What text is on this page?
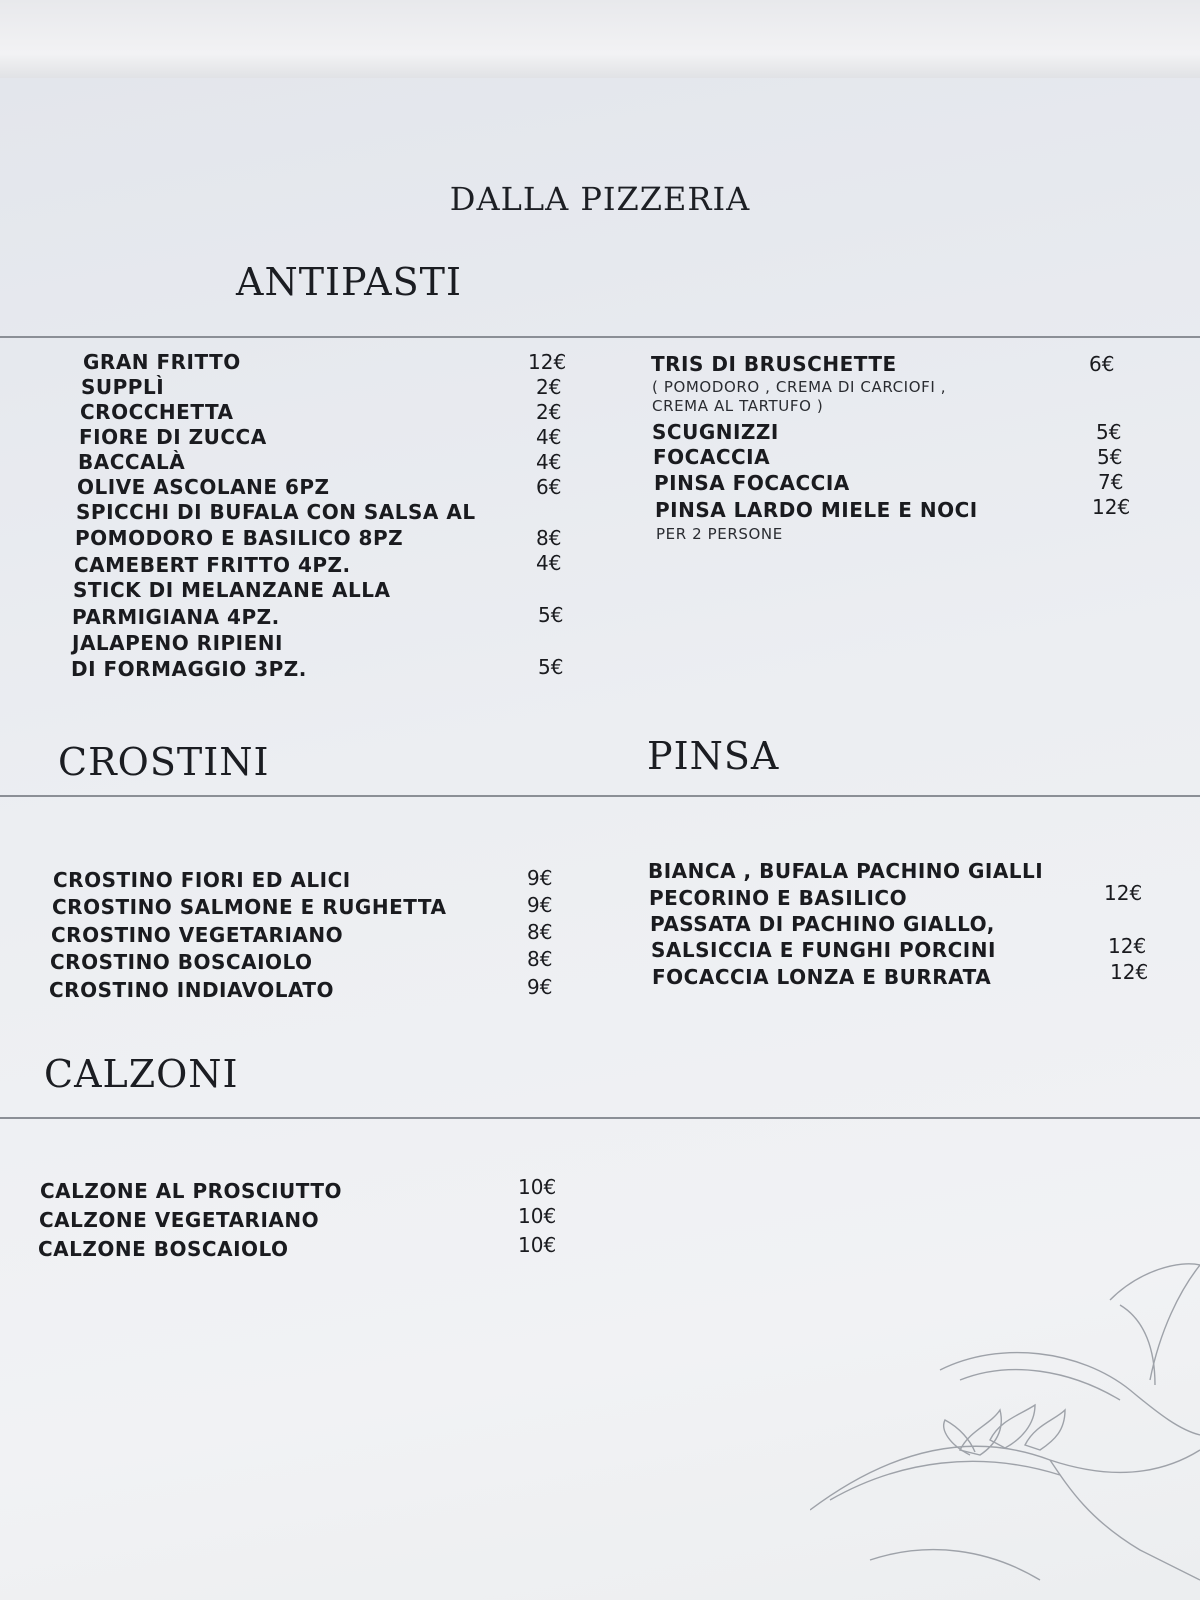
DALLA PIZZERIA
ANTIPASTI
GRAN FRITTO	12€
SUPPLÌ	2€
CROCCHETTA	2€
FIORE DI ZUCCA	4€
BACCALÀ	4€
OLIVE ASCOLANE 6PZ	6€
SPICCHI DI BUFALA CON SALSA AL
POMODORO E BASILICO 8PZ	8€
CAMEBERT FRITTO 4PZ.	4€
STICK DI MELANZANE ALLA
PARMIGIANA 4PZ.	5€
JALAPENO RIPIENI
DI FORMAGGIO 3PZ.	5€
TRIS DI BRUSCHETTE	6€
( POMODORO , CREMA DI CARCIOFI ,
CREMA AL TARTUFO )
SCUGNIZZI	5€
FOCACCIA	5€
PINSA FOCACCIA	7€
PINSA LARDO MIELE E NOCI	12€
PER 2 PERSONE
CROSTINI	PINSA
CROSTINO FIORI ED ALICI	9€
CROSTINO SALMONE E RUGHETTA	9€
CROSTINO VEGETARIANO	8€
CROSTINO BOSCAIOLO	8€
CROSTINO INDIAVOLATO	9€
BIANCA , BUFALA PACHINO GIALLI
PECORINO E BASILICO	12€
PASSATA DI PACHINO GIALLO,
SALSICCIA E FUNGHI PORCINI	12€
FOCACCIA LONZA E BURRATA	12€
CALZONI
CALZONE AL PROSCIUTTO	10€
CALZONE VEGETARIANO	10€
CALZONE BOSCAIOLO	10€
